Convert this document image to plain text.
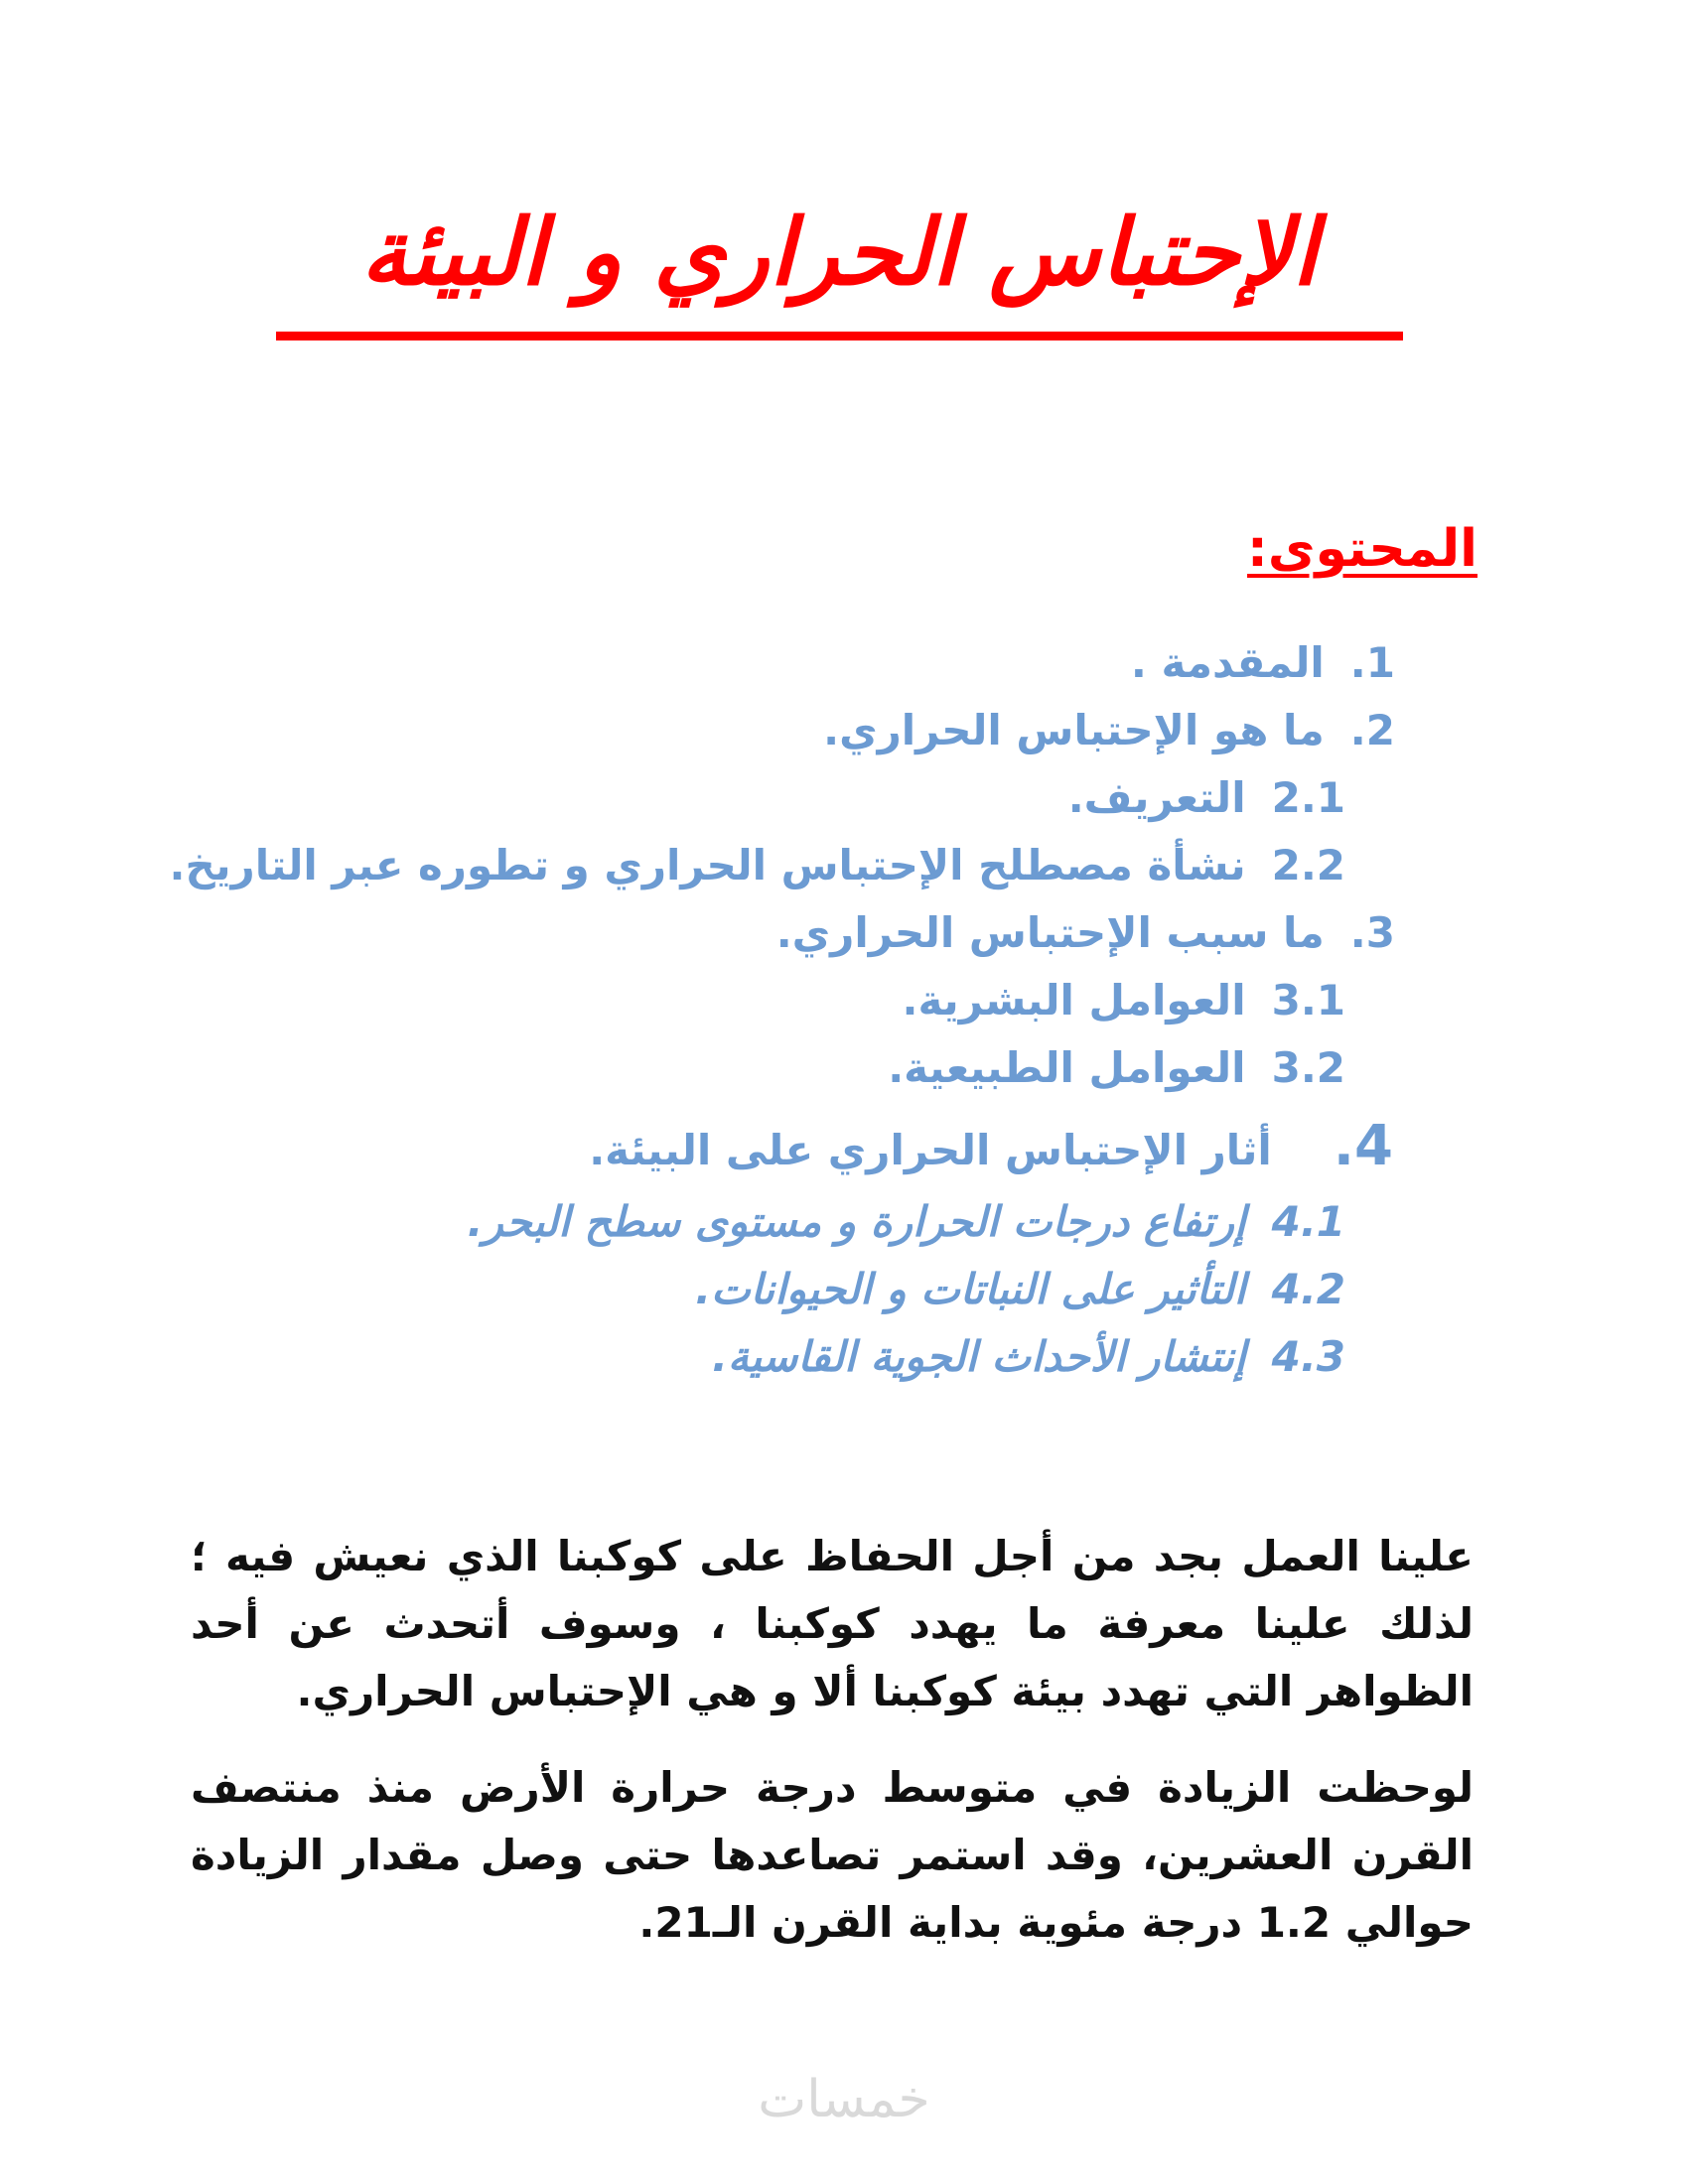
الإحتباس الحراري و البيئة
المحتوى:
1.المقدمة .
2.ما هو الإحتباس الحراري.
2.1التعريف.
2.2نشأة مصطلح الإحتباس الحراري و تطوره عبر التاريخ.
3.ما سبب الإحتباس الحراري.
3.1العوامل البشرية.
3.2العوامل الطبيعية.
4.أثار الإحتباس الحراري على البيئة.
4.1إرتفاع درجات الحرارة و مستوى سطح البحر.
4.2التأثير على النباتات و الحيوانات.
4.3إنتشار الأحداث الجوية القاسية.

علينا العمل بجد من أجل الحفاظ على كوكبنا الذي نعيش فيه ؛ لذلك علينا معرفة ما يهدد كوكبنا ، وسوف أتحدث عن أحد الظواهر التي تهدد بيئة كوكبنا ألا و هي الإحتباس الحراري.

لوحظت الزيادة في متوسط درجة حرارة الأرض منذ منتصف القرن العشرين، وقد استمر تصاعدها حتى وصل مقدار الزيادة حوالي 1.2 درجة مئوية بداية القرن الـ21.

خمسات
